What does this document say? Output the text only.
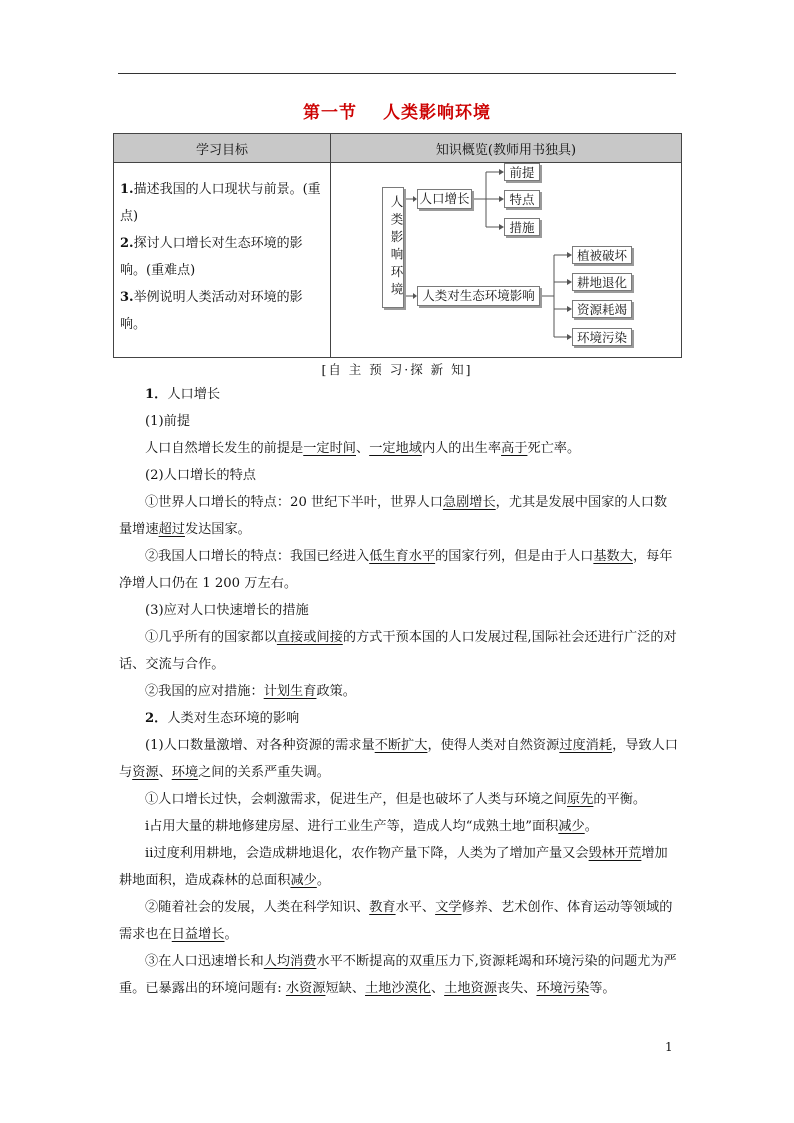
第一节 人类影响环境
学习目标	知识概览(教师用书独具)
1.描述我国的人口现状与前景。(重点)
2.探讨人口增长对生态环境的影响。(重难点)
3.举例说明人类活动对环境的影响。
人类影响环境 人口增长
前提
特点
措施
人类对生态环境影响
植被破坏
耕地退化
资源耗竭
环境污染
[自 主 预 习·探 新 知]

1．人口增长

(1)前提

人口自然增长发生的前提是一定时间、一定地域内人的出生率高于死亡率。

(2)人口增长的特点

①世界人口增长的特点：20 世纪下半叶，世界人口急剧增长，尤其是发展中国家的人口数量增速超过发达国家。

②我国人口增长的特点：我国已经进入低生育水平的国家行列，但是由于人口基数大，每年净增人口仍在 1 200 万左右。

(3)应对人口快速增长的措施

①几乎所有的国家都以直接或间接的方式干预本国的人口发展过程,国际社会还进行广泛的对话、交流与合作。

②我国的应对措施：计划生育政策。

2．人类对生态环境的影响

(1)人口数量激增、对各种资源的需求量不断扩大，使得人类对自然资源过度消耗，导致人口与资源、环境之间的关系严重失调。

①人口增长过快，会刺激需求，促进生产，但是也破坏了人类与环境之间原先的平衡。

ⅰ占用大量的耕地修建房屋、进行工业生产等，造成人均“成熟土地”面积减少。

ⅱ过度利用耕地，会造成耕地退化，农作物产量下降，人类为了增加产量又会毁林开荒增加耕地面积，造成森林的总面积减少。

②随着社会的发展，人类在科学知识、教育水平、文学修养、艺术创作、体育运动等领域的需求也在日益增长。

③在人口迅速增长和人均消费水平不断提高的双重压力下,资源耗竭和环境污染的问题尤为严重。已暴露出的环境问题有: 水资源短缺、土地沙漠化、土地资源丧失、环境污染等。

1
